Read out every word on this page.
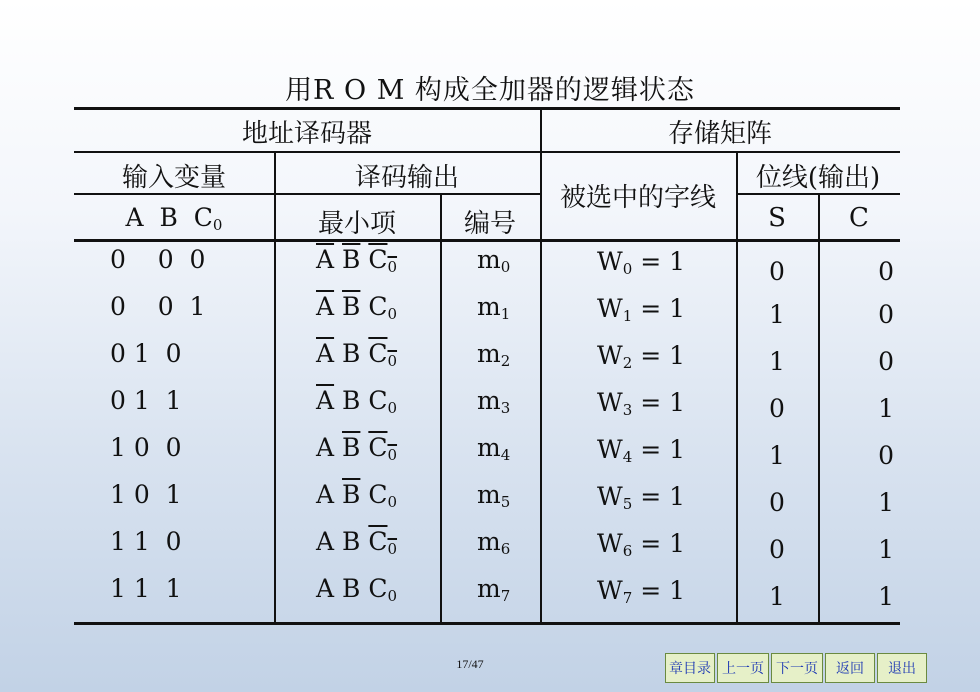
用R O M 构成全加器的逻辑状态
地址译码器	存储矩阵
输入变量	译码输出
被选中的字线
位线(输出)
A  B  $C_0$	最小项	编号	S	C
0    0  0	$\overline{A}$ $\overline{B}$ $C_0$	$m_0$	$W_0 = 1$	0	0
0    0  1	$\overline{A}$ $\overline{B}$ $C_0$	$m_1$	$W_1 = 1$	1	0
0 1  0	$\overline{A}$ B $C_0$	$m_2$	$W_2 = 1$	1	0
0 1  1	$\overline{A}$ B $C_0$	$m_3$	$W_3 = 1$	0	1
1 0  0	A $\overline{B}$ $C_0$	$m_4$	$W_4 = 1$	1	0
1 0  1	A $\overline{B}$ $C_0$	$m_5$	$W_5 = 1$	0	1
1 1  0	A B $C_0$	$m_6$	$W_6 = 1$	0	1
1 1  1	A B $C_0$	$m_7$	$W_7 = 1$	1	1
17/47	章目录 上一页 下一页	返回	退出
